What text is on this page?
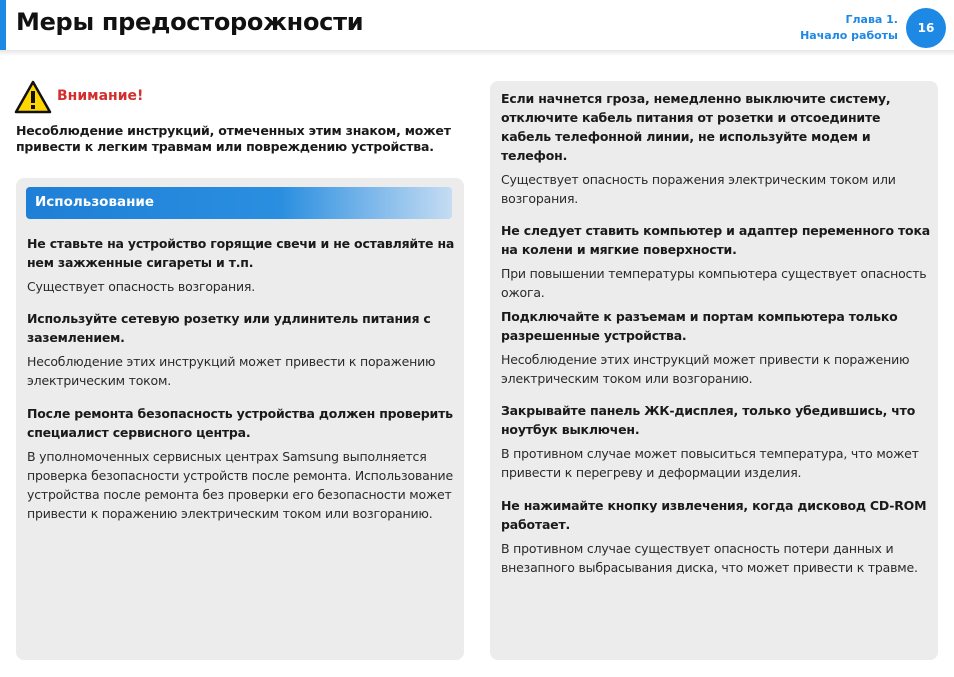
Меры предосторожности	Глава 1.
Начало работы
16
Внимание!
Несоблюдение инструкций, отмеченных этим знаком, может привести к легким травмам или повреждению устройства.
Использование
Не ставьте на устройство горящие свечи и не оставляйте на нем зажженные сигареты и т.п.
Существует опасность возгорания.
Используйте сетевую розетку или удлинитель питания с заземлением.
Несоблюдение этих инструкций может привести к поражению электрическим током.
После ремонта безопасность устройства должен проверить специалист сервисного центра.
В уполномоченных сервисных центрах Samsung выполняется проверка безопасности устройств после ремонта. Использование устройства после ремонта без проверки его безопасности может привести к поражению электрическим током или возгоранию.
Если начнется гроза, немедленно выключите систему, отключите кабель питания от розетки и отсоедините кабель телефонной линии, не используйте модем и телефон.
Существует опасность поражения электрическим током или возгорания.
Не следует ставить компьютер и адаптер переменного тока на колени и мягкие поверхности.
При повышении температуры компьютера существует опасность ожога.
Подключайте к разъемам и портам компьютера только разрешенные устройства.
Несоблюдение этих инструкций может привести к поражению электрическим током или возгоранию.
Закрывайте панель ЖК-дисплея, только убедившись, что ноутбук выключен.
В противном случае может повыситься температура, что может привести к перегреву и деформации изделия.
Не нажимайте кнопку извлечения, когда дисковод CD-ROM работает.
В противном случае существует опасность потери данных и внезапного выбрасывания диска, что может привести к травме.
